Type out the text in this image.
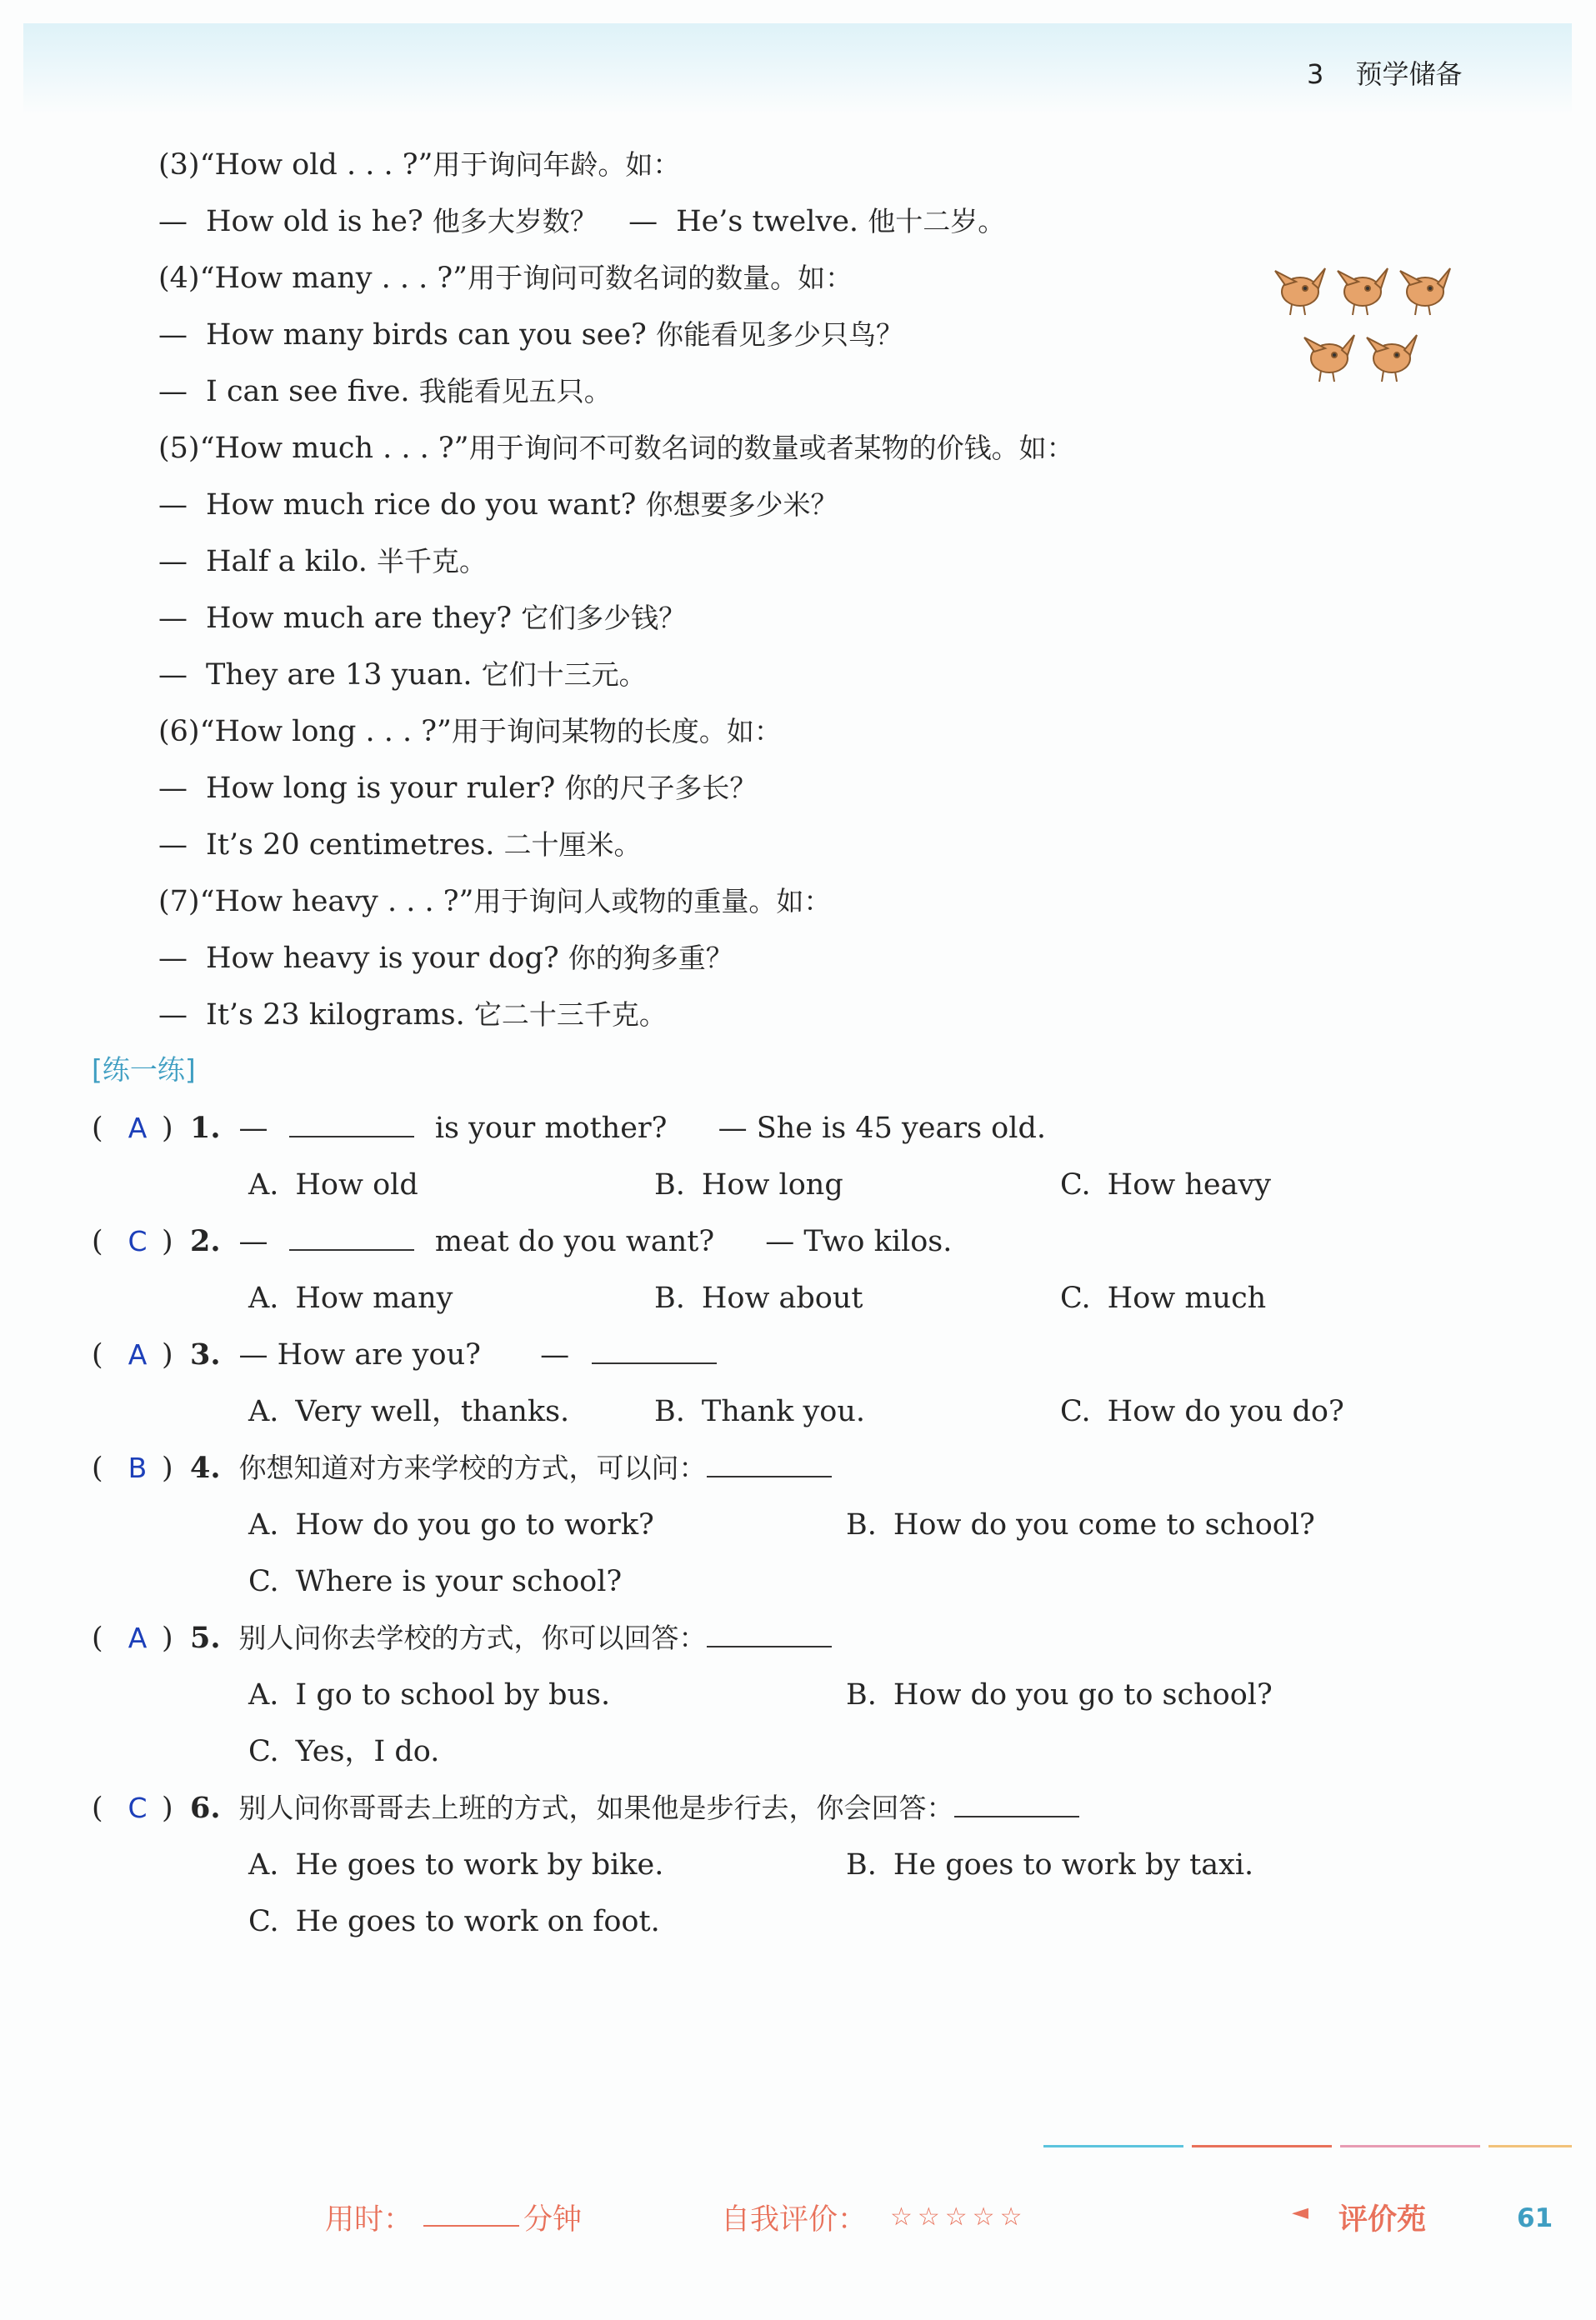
3 预学储备
(3)“How old . . . ?”用于询问年龄。如：
— How old is he? 他多大岁数？ — He’s twelve. 他十二岁。
(4)“How many . . . ?”用于询问可数名词的数量。如：
— How many birds can you see? 你能看见多少只鸟？
— I can see five. 我能看见五只。
(5)“How much . . . ?”用于询问不可数名词的数量或者某物的价钱。如：
— How much rice do you want? 你想要多少米？
— Half a kilo. 半千克。
— How much are they? 它们多少钱？
— They are 13 yuan. 它们十三元。
(6)“How long . . . ?”用于询问某物的长度。如：
— How long is your ruler? 你的尺子多长？
— It’s 20 centimetres. 二十厘米。
(7)“How heavy . . . ?”用于询问人或物的重量。如：
— How heavy is your dog? 你的狗多重？
— It’s 23 kilograms. 它二十三千克。
[练一练]
( A ) 1. —	is your mother? — She is 45 years old.
A. How old	B. How long	C. How heavy
( C ) 2. —	meat do you want? — Two kilos.
A. How many	B. How about	C. How much
( A ) 3. — How are you? —
A. Very well，thanks.	B. Thank you.	C. How do you do?
( B ) 4. 你想知道对方来学校的方式，可以问：
A. How do you go to work?	B. How do you come to school?
C. Where is your school?
( A ) 5. 别人问你去学校的方式，你可以回答：
A. I go to school by bus.	B. How do you go to school?
C. Yes，I do.
( C ) 6. 别人问你哥哥去上班的方式，如果他是步行去，你会回答：
A. He goes to work by bike.	B. He goes to work by taxi.
C. He goes to work on foot.
用时：	分钟	自我评价： ☆☆☆☆☆	◄ 评价苑	61
